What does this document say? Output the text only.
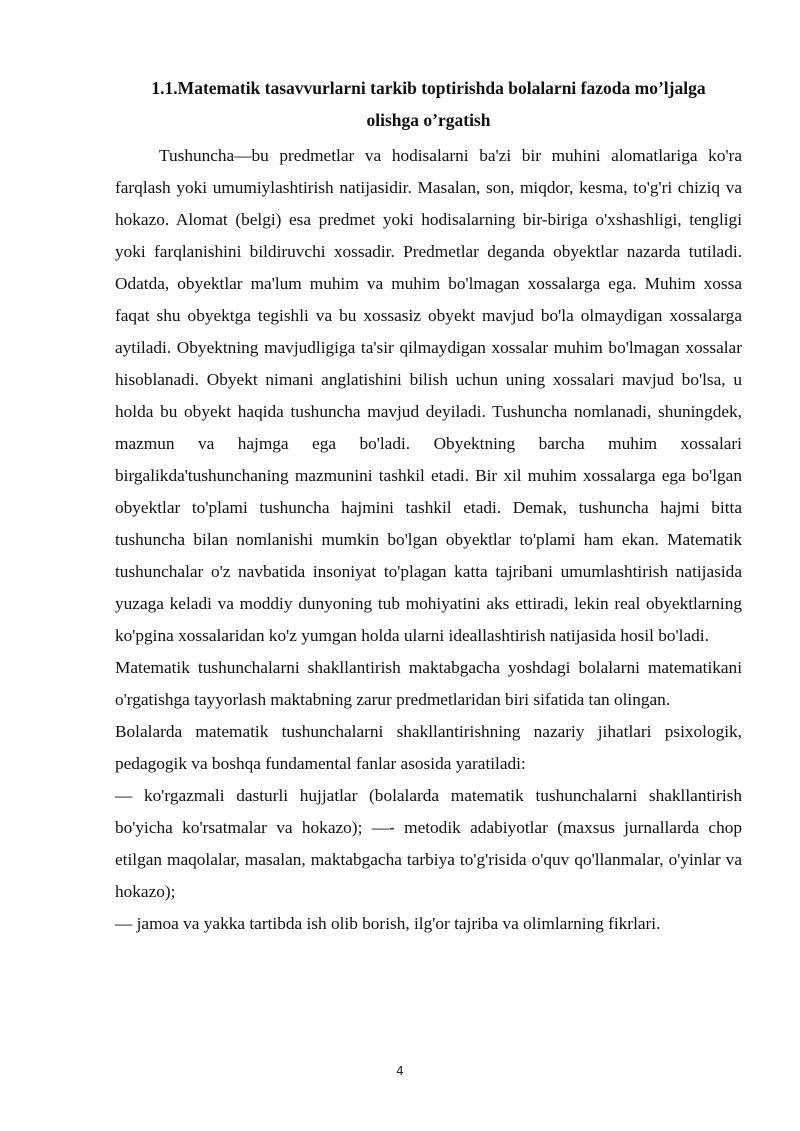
1.1.Matematik tasavvurlarni tarkib toptirishda bolalarni fazoda mo’ljalga
olishga o’rgatish

Tushuncha—bu predmetlar va hodisalarni ba'zi bir muhini alomatlariga ko'ra farqlash yoki umumiylashtirish natijasidir. Masalan, son, miqdor, kesma, to'g'ri chiziq va hokazo. Alomat (belgi) esa predmet yoki hodisalarning bir-biriga o'xshashligi, tengligi yoki farqlanishini bildiruvchi xossadir. Predmetlar deganda obyektlar nazarda tutiladi. Odatda, obyektlar ma'lum muhim va muhim bo'lmagan xossalarga ega. Muhim xossa faqat shu obyektga tegishli va bu xossasiz obyekt mavjud bo'la olmaydigan xossalarga aytiladi. Obyektning mavjudligiga ta'sir qilmaydigan xossalar muhim bo'lmagan xossalar hisoblanadi. Obyekt nimani anglatishini bilish uchun uning xossalari mavjud bo'lsa, u holda bu obyekt haqida tushuncha mavjud deyiladi. Tushuncha nomlanadi, shuningdek, mazmun va hajmga ega bo'ladi. Obyektning barcha muhim xossalari birgalikda'tushunchaning mazmunini tashkil etadi. Bir xil muhim xossalarga ega bo'lgan obyektlar to'plami tushuncha hajmini tashkil etadi. Demak, tushuncha hajmi bitta tushuncha bilan nomlanishi mumkin bo'lgan obyektlar to'plami ham ekan. Matematik tushunchalar o'z navbatida insoniyat to'plagan katta tajribani umumlashtirish natijasida yuzaga keladi va moddiy dunyoning tub mohiyatini aks ettiradi, lekin real obyektlarning ko'pgina xossalaridan ko'z yumgan holda ularni ideallashtirish natijasida hosil bo'ladi.

Matematik tushunchalarni shakllantirish maktabgacha yoshdagi bolalarni matematikani o'rgatishga tayyorlash maktabning zarur predmetlaridan biri sifatida tan olingan.

Bolalarda matematik tushunchalarni shakllantirishning nazariy jihatlari psixologik, pedagogik va boshqa fundamental fanlar asosida yaratiladi:

— ko'rgazmali dasturli hujjatlar (bolalarda matematik tushunchalarni shakllantirish bo'yicha ko'rsatmalar va hokazo); —- metodik adabiyotlar (maxsus jurnallarda chop etilgan maqolalar, masalan, maktabgacha tarbiya to'g'risida o'quv qo'llanmalar, o'yinlar va hokazo);

— jamoa va yakka tartibda ish olib borish, ilg'or tajriba va olimlarning fikrlari.

4
